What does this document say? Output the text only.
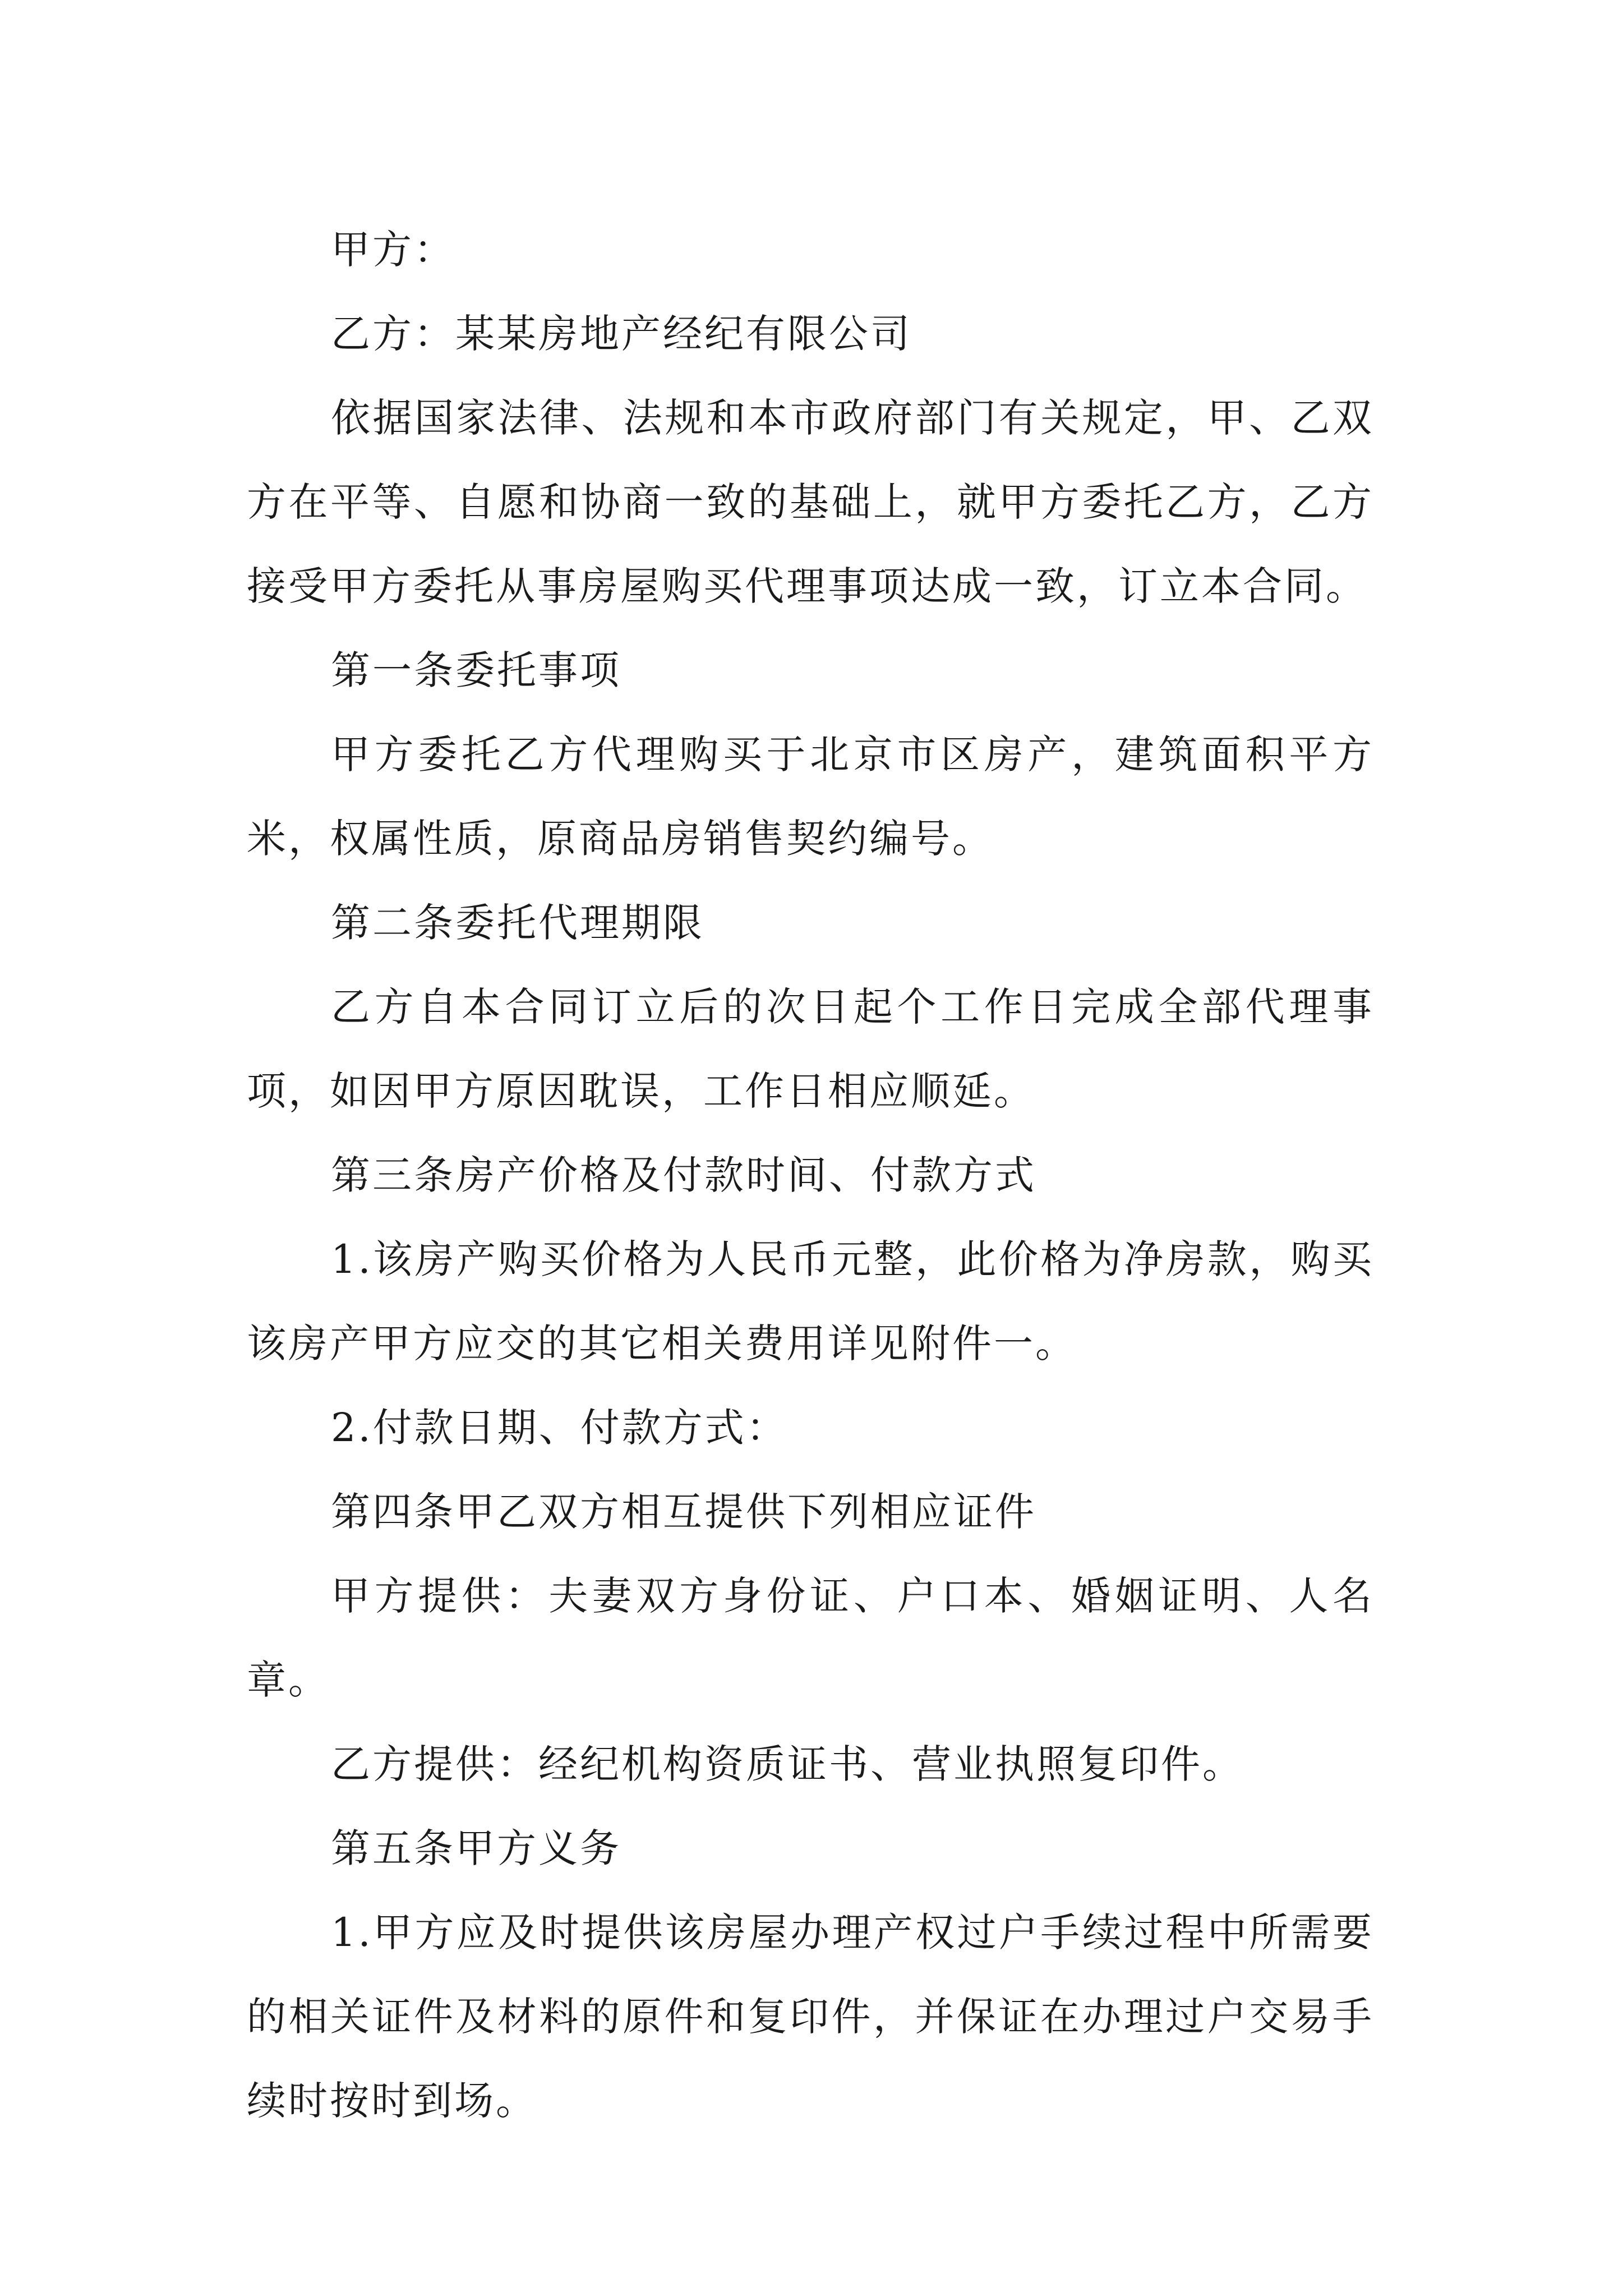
甲方：

乙方：某某房地产经纪有限公司

依据国家法律、法规和本市政府部门有关规定，甲、乙双方在平等、自愿和协商一致的基础上，就甲方委托乙方，乙方接受甲方委托从事房屋购买代理事项达成一致，订立本合同。

第一条委托事项

甲方委托乙方代理购买于北京市区房产，建筑面积平方米，权属性质，原商品房销售契约编号。

第二条委托代理期限

乙方自本合同订立后的次日起个工作日完成全部代理事项，如因甲方原因耽误，工作日相应顺延。

第三条房产价格及付款时间、付款方式

1.该房产购买价格为人民币元整，此价格为净房款，购买该房产甲方应交的其它相关费用详见附件一。

2.付款日期、付款方式：

第四条甲乙双方相互提供下列相应证件

甲方提供：夫妻双方身份证、户口本、婚姻证明、人名章。

乙方提供：经纪机构资质证书、营业执照复印件。

第五条甲方义务

1.甲方应及时提供该房屋办理产权过户手续过程中所需要的相关证件及材料的原件和复印件，并保证在办理过户交易手续时按时到场。
